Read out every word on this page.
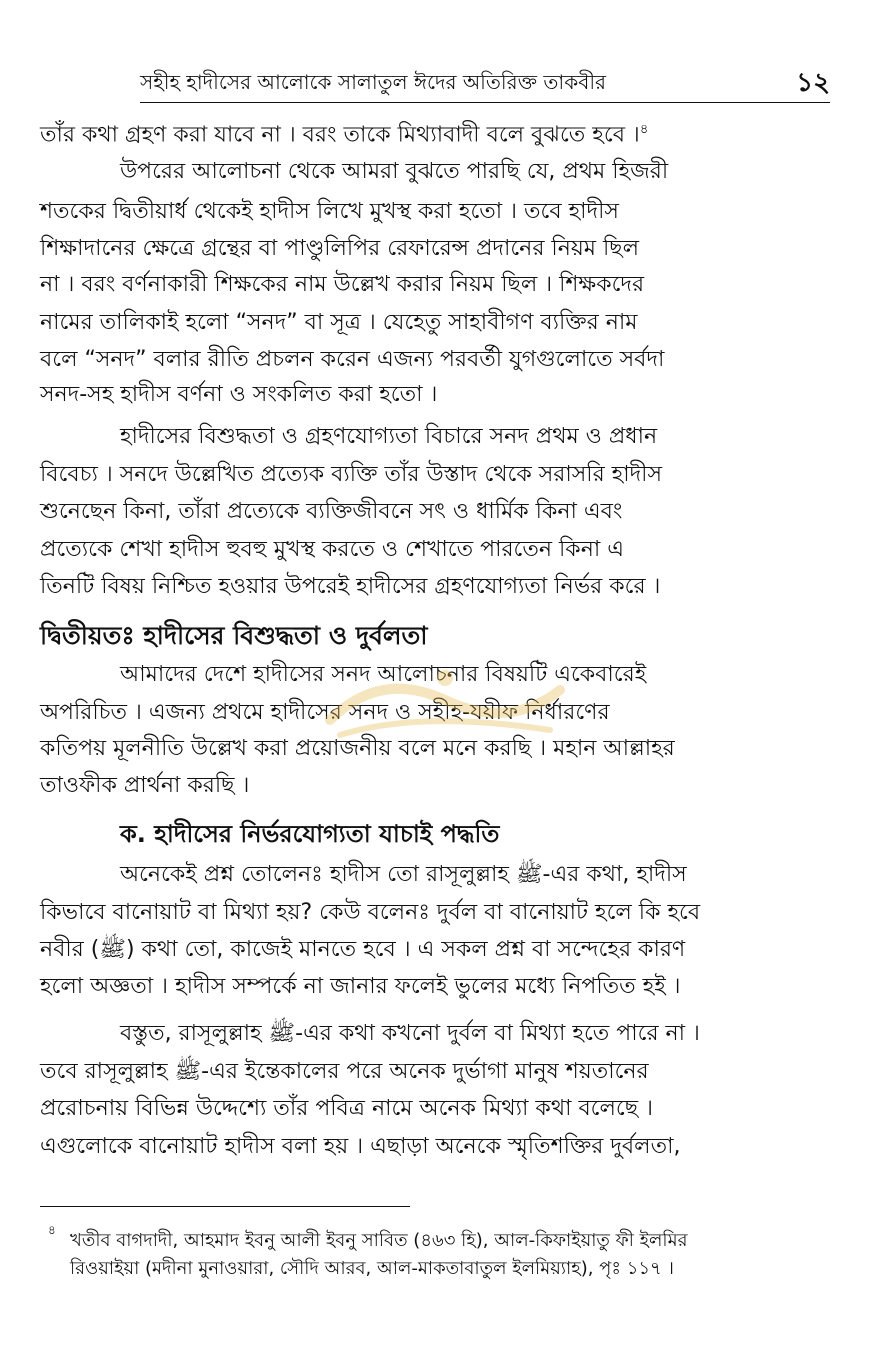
সহীহ হাদীসের আলোকে সালাতুল ঈদের অতিরিক্ত তাকবীর	১২
তাঁর কথা গ্রহণ করা যাবে না । বরং তাকে মিথ্যাবাদী বলে বুঝতে হবে ।$^৪$
উপরের আলোচনা থেকে আমরা বুঝতে পারছি যে, প্রথম হিজরী
শতকের দ্বিতীয়ার্ধ থেকেই হাদীস লিখে মুখস্থ করা হতো । তবে হাদীস
শিক্ষাদানের ক্ষেত্রে গ্রন্থের বা পাণ্ডুলিপির রেফারেন্স প্রদানের নিয়ম ছিল
না । বরং বর্ণনাকারী শিক্ষকের নাম উল্লেখ করার নিয়ম ছিল । শিক্ষকদের
নামের তালিকাই হলো “সনদ” বা সূত্র । যেহেতু সাহাবীগণ ব্যক্তির নাম
বলে “সনদ” বলার রীতি প্রচলন করেন এজন্য পরবর্তী যুগগুলোতে সর্বদা
সনদ-সহ হাদীস বর্ণনা ও সংকলিত করা হতো ।
হাদীসের বিশুদ্ধতা ও গ্রহণযোগ্যতা বিচারে সনদ প্রথম ও প্রধান
বিবেচ্য । সনদে উল্লেখিত প্রত্যেক ব্যক্তি তাঁর উস্তাদ থেকে সরাসরি হাদীস
শুনেছেন কিনা, তাঁরা প্রত্যেকে ব্যক্তিজীবনে সৎ ও ধার্মিক কিনা এবং
প্রত্যেকে শেখা হাদীস হুবহু মুখস্থ করতে ও শেখাতে পারতেন কিনা এ
তিনটি বিষয় নিশ্চিত হওয়ার উপরেই হাদীসের গ্রহণযোগ্যতা নির্ভর করে ।
দ্বিতীয়তঃ হাদীসের বিশুদ্ধতা ও দুর্বলতা
আমাদের দেশে হাদীসের সনদ আলোচনার বিষয়টি একেবারেই
অপরিচিত । এজন্য প্রথমে হাদীসের সনদ ও সহীহ-যয়ীফ নির্ধারণের
কতিপয় মূলনীতি উল্লেখ করা প্রয়োজনীয় বলে মনে করছি । মহান আল্লাহর
তাওফীক প্রার্থনা করছি ।
ক. হাদীসের নির্ভরযোগ্যতা যাচাই পদ্ধতি
অনেকেই প্রশ্ন তোলেনঃ হাদীস তো রাসূলুল্লাহ ﷺ-এর কথা, হাদীস
কিভাবে বানোয়াট বা মিথ্যা হয়? কেউ বলেনঃ দুর্বল বা বানোয়াট হলে কি হবে
নবীর (ﷺ) কথা তো, কাজেই মানতে হবে । এ সকল প্রশ্ন বা সন্দেহের কারণ
হলো অজ্ঞতা । হাদীস সম্পর্কে না জানার ফলেই ভুলের মধ্যে নিপতিত হই ।
বস্তুত, রাসূলুল্লাহ ﷺ-এর কথা কখনো দুর্বল বা মিথ্যা হতে পারে না ।
তবে রাসূলুল্লাহ ﷺ-এর ইন্তেকালের পরে অনেক দুর্ভাগা মানুষ শয়তানের
প্ররোচনায় বিভিন্ন উদ্দেশ্যে তাঁর পবিত্র নামে অনেক মিথ্যা কথা বলেছে ।
এগুলোকে বানোয়াট হাদীস বলা হয় । এছাড়া অনেকে স্মৃতিশক্তির দুর্বলতা,
৪ খতীব বাগদাদী, আহমাদ ইবনু আলী ইবনু সাবিত (৪৬৩ হি), আল-কিফাইয়াতু ফী ইলমির
রিওয়াইয়া (মদীনা মুনাওয়ারা, সৌদি আরব, আল-মাকতাবাতুল ইলমিয়্যাহ), পৃঃ ১১৭ ।
